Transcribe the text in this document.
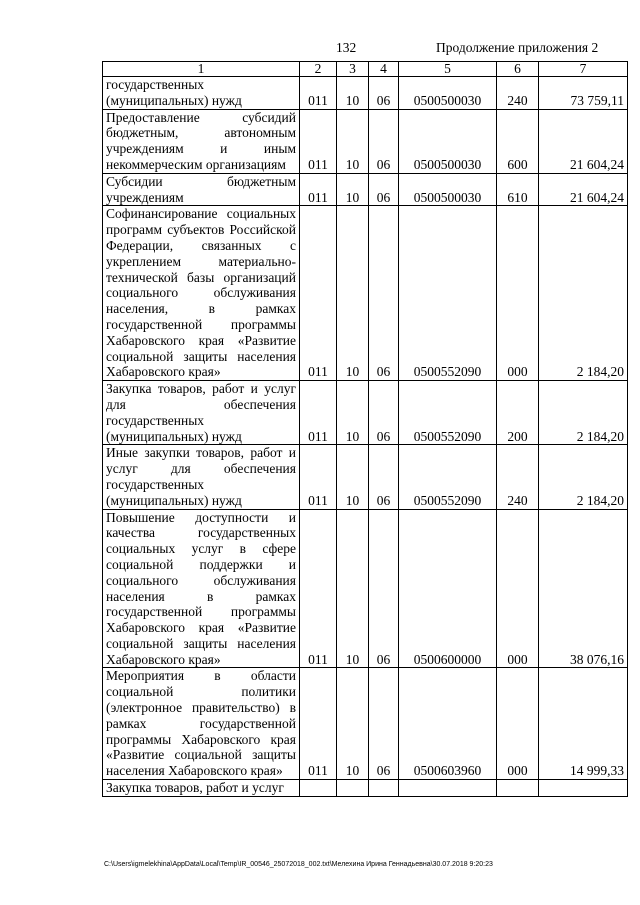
132	Продолжение приложения 2
1	2	3	4	5	6	7
государственных (муниципальных) нужд	011	10	06	0500500030	240	73 759,11
Предоставление субсидий бюджетным, автономным учреждениям и иным некоммерческим организациям	011	10	06	0500500030	600	21 604,24
Субсидии бюджетным учреждениям	011	10	06	0500500030	610	21 604,24
Софинансирование социальных программ субъектов Российской Федерации, связанных с укреплением материально-технической базы организаций социального обслуживания населения, в рамках государственной программы Хабаровского края «Развитие социальной защиты населения Хабаровского края»	011	10	06	0500552090	000	2 184,20
Закупка товаров, работ и услуг для обеспечения государственных (муниципальных) нужд	011	10	06	0500552090	200	2 184,20
Иные закупки товаров, работ и услуг для обеспечения государственных (муниципальных) нужд	011	10	06	0500552090	240	2 184,20
Повышение доступности и качества государственных социальных услуг в сфере социальной поддержки и социального обслуживания населения в рамках государственной программы Хабаровского края «Развитие социальной защиты населения Хабаровского края»	011	10	06	0500600000	000	38 076,16
Мероприятия в области социальной политики (электронное правительство) в рамках государственной программы Хабаровского края «Развитие социальной защиты населения Хабаровского края»	011	10	06	0500603960	000	14 999,33
Закупка товаров, работ и услуг						
C:\Users\igmelekhina\AppData\Local\Temp\IR_00546_25072018_002.txt\Мелехина Ирина Геннадьевна\30.07.2018 9:20:23
